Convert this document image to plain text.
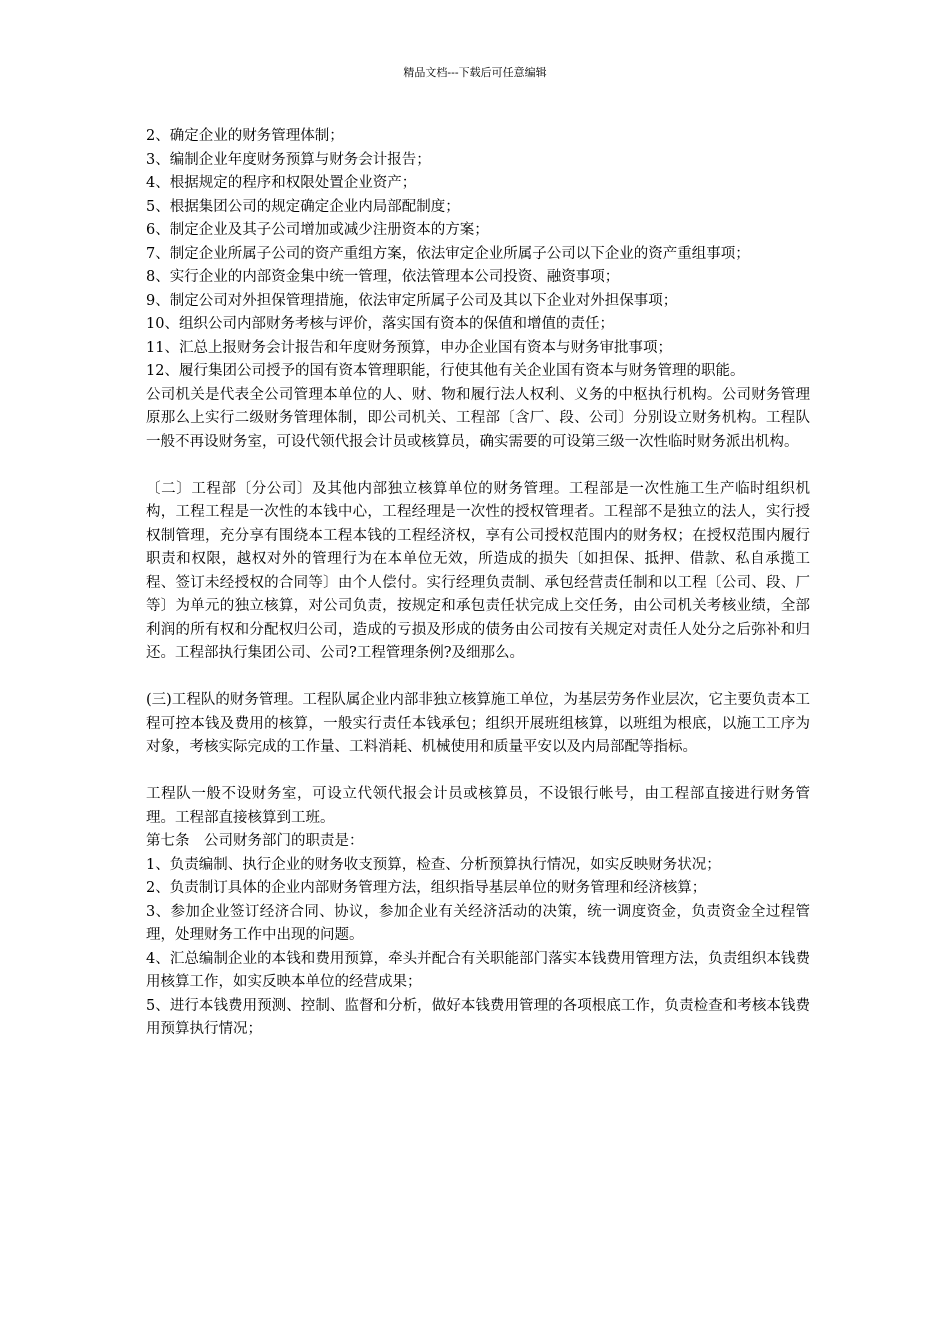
精品文档---下载后可任意编辑

2、确定企业的财务管理体制；

3、编制企业年度财务预算与财务会计报告；

4、根据规定的程序和权限处置企业资产；

5、根据集团公司的规定确定企业内局部配制度；

6、制定企业及其子公司增加或减少注册资本的方案；

7、制定企业所属子公司的资产重组方案，依法审定企业所属子公司以下企业的资产重组事项；

8、实行企业的内部资金集中统一管理，依法管理本公司投资、融资事项；

9、制定公司对外担保管理措施，依法审定所属子公司及其以下企业对外担保事项；

10、组织公司内部财务考核与评价，落实国有资本的保值和增值的责任；

11、汇总上报财务会计报告和年度财务预算，申办企业国有资本与财务审批事项；

12、履行集团公司授予的国有资本管理职能，行使其他有关企业国有资本与财务管理的职能。

公司机关是代表全公司管理本单位的人、财、物和履行法人权利、义务的中枢执行机构。公司财务管理原那么上实行二级财务管理体制，即公司机关、工程部〔含厂、段、公司〕分别设立财务机构。工程队一般不再设财务室，可设代领代报会计员或核算员，确实需要的可设第三级一次性临时财务派出机构。

〔二〕工程部〔分公司〕及其他内部独立核算单位的财务管理。工程部是一次性施工生产临时组织机构，工程工程是一次性的本钱中心，工程经理是一次性的授权管理者。工程部不是独立的法人，实行授权制管理，充分享有围绕本工程本钱的工程经济权，享有公司授权范围内的财务权；在授权范围内履行职责和权限，越权对外的管理行为在本单位无效，所造成的损失〔如担保、抵押、借款、私自承揽工程、签订未经授权的合同等〕由个人偿付。实行经理负责制、承包经营责任制和以工程〔公司、段、厂等〕为单元的独立核算，对公司负责，按规定和承包责任状完成上交任务，由公司机关考核业绩，全部利润的所有权和分配权归公司，造成的亏损及形成的债务由公司按有关规定对责任人处分之后弥补和归还。工程部执行集团公司、公司?工程管理条例?及细那么。

(三)工程队的财务管理。工程队属企业内部非独立核算施工单位，为基层劳务作业层次，它主要负责本工程可控本钱及费用的核算，一般实行责任本钱承包；组织开展班组核算，以班组为根底，以施工工序为对象，考核实际完成的工作量、工料消耗、机械使用和质量平安以及内局部配等指标。

工程队一般不设财务室，可设立代领代报会计员或核算员，不设银行帐号，由工程部直接进行财务管理。工程部直接核算到工班。

第七条　公司财务部门的职责是：

1、负责编制、执行企业的财务收支预算，检查、分析预算执行情况，如实反映财务状况；

2、负责制订具体的企业内部财务管理方法，组织指导基层单位的财务管理和经济核算；

3、参加企业签订经济合同、协议，参加企业有关经济活动的决策，统一调度资金，负责资金全过程管理，处理财务工作中出现的问题。

4、汇总编制企业的本钱和费用预算，牵头并配合有关职能部门落实本钱费用管理方法，负责组织本钱费用核算工作，如实反映本单位的经营成果；

5、进行本钱费用预测、控制、监督和分析，做好本钱费用管理的各项根底工作，负责检查和考核本钱费用预算执行情况；
